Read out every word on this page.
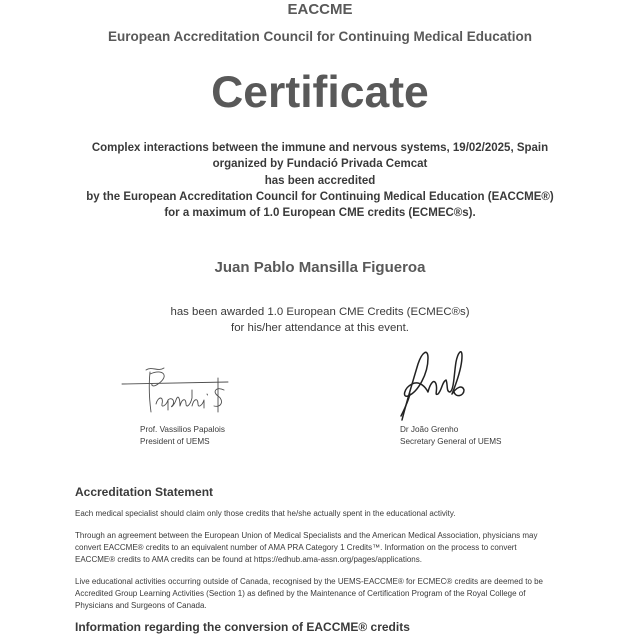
EACCME
European Accreditation Council for Continuing Medical Education
Certificate
Complex interactions between the immune and nervous systems, 19/02/2025, Spain
organized by Fundació Privada Cemcat
has been accredited
by the European Accreditation Council for Continuing Medical Education (EACCME®)
for a maximum of 1.0 European CME credits (ECMEC®s).
Juan Pablo Mansilla Figueroa
has been awarded 1.0 European CME Credits (ECMEC®s)
for his/her attendance at this event.
Prof. Vassilios Papalois
President of UEMS
Dr João Grenho
Secretary General of UEMS
Accreditation Statement
Each medical specialist should claim only those credits that he/she actually spent in the educational activity.
Through an agreement between the European Union of Medical Specialists and the American Medical Association, physicians may
convert EACCME® credits to an equivalent number of AMA PRA Category 1 Credits™. Information on the process to convert
EACCME® credits to AMA credits can be found at https://edhub.ama-assn.org/pages/applications.
Live educational activities occurring outside of Canada, recognised by the UEMS-EACCME® for ECMEC® credits are deemed to be
Accredited Group Learning Activities (Section 1) as defined by the Maintenance of Certification Program of the Royal College of
Physicians and Surgeons of Canada.
Information regarding the conversion of EACCME® credits
